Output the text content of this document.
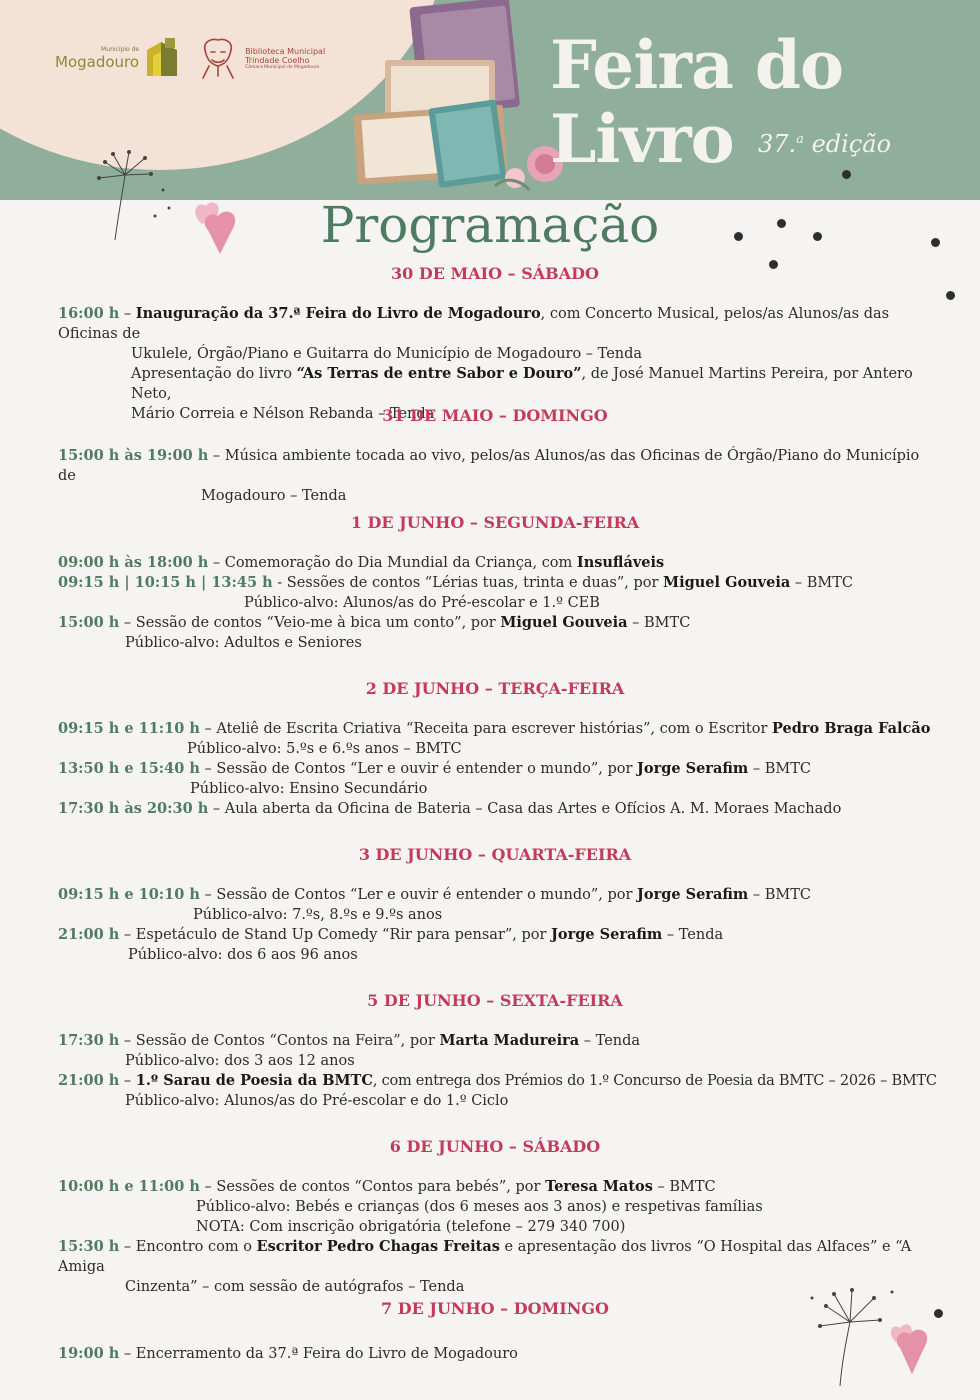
Município de
Mogadouro
Biblioteca Municipal
Trindade Coelho
Câmara Municipal de Mogadouro	Feira do
Livro	37.$^a$ edição
Programação
30 DE MAIO – SÁBADO
16:00 h – Inauguração da 37.ª Feira do Livro de Mogadouro, com Concerto Musical, pelos/as Alunos/as das Oficinas de
Ukulele, Órgão/Piano e Guitarra do Município de Mogadouro – Tenda
Apresentação do livro “As Terras de entre Sabor e Douro”, de José Manuel Martins Pereira, por Antero Neto,
Mário Correia e Nélson Rebanda – Tenda
31 DE MAIO – DOMINGO
15:00 h às 19:00 h – Música ambiente tocada ao vivo, pelos/as Alunos/as das Oficinas de Órgão/Piano do Município de
Mogadouro – Tenda
1 DE JUNHO – SEGUNDA-FEIRA
09:00 h às 18:00 h – Comemoração do Dia Mundial da Criança, com Insufláveis
09:15 h | 10:15 h | 13:45 h - Sessões de contos “Lérias tuas, trinta e duas”, por Miguel Gouveia – BMTC
Público-alvo: Alunos/as do Pré-escolar e 1.º CEB
15:00 h – Sessão de contos “Veio-me à bica um conto”, por Miguel Gouveia – BMTC
Público-alvo: Adultos e Seniores
2 DE JUNHO – TERÇA-FEIRA
09:15 h e 11:10 h – Ateliê de Escrita Criativa “Receita para escrever histórias”, com o Escritor Pedro Braga Falcão
Público-alvo: 5.ºs e 6.ºs anos – BMTC
13:50 h e 15:40 h – Sessão de Contos “Ler e ouvir é entender o mundo”, por Jorge Serafim – BMTC
Público-alvo: Ensino Secundário
17:30 h às 20:30 h – Aula aberta da Oficina de Bateria – Casa das Artes e Ofícios A. M. Moraes Machado
3 DE JUNHO – QUARTA-FEIRA
09:15 h e 10:10 h – Sessão de Contos “Ler e ouvir é entender o mundo”, por Jorge Serafim – BMTC
Público-alvo: 7.ºs, 8.ºs e 9.ºs anos
21:00 h – Espetáculo de Stand Up Comedy “Rir para pensar”, por Jorge Serafim – Tenda
Público-alvo: dos 6 aos 96 anos
5 DE JUNHO – SEXTA-FEIRA
17:30 h – Sessão de Contos “Contos na Feira”, por Marta Madureira – Tenda
Público-alvo: dos 3 aos 12 anos
21:00 h – 1.º Sarau de Poesia da BMTC, com entrega dos Prémios do 1.º Concurso de Poesia da BMTC – 2026 – BMTC
Público-alvo: Alunos/as do Pré-escolar e do 1.º Ciclo
6 DE JUNHO – SÁBADO
10:00 h e 11:00 h – Sessões de contos “Contos para bebés”, por Teresa Matos – BMTC
Público-alvo: Bebés e crianças (dos 6 meses aos 3 anos) e respetivas famílias
NOTA: Com inscrição obrigatória (telefone – 279 340 700)
15:30 h – Encontro com o Escritor Pedro Chagas Freitas e apresentação dos livros “O Hospital das Alfaces” e “A Amiga
Cinzenta” – com sessão de autógrafos – Tenda
7 DE JUNHO – DOMINGO
19:00 h – Encerramento da 37.ª Feira do Livro de Mogadouro
